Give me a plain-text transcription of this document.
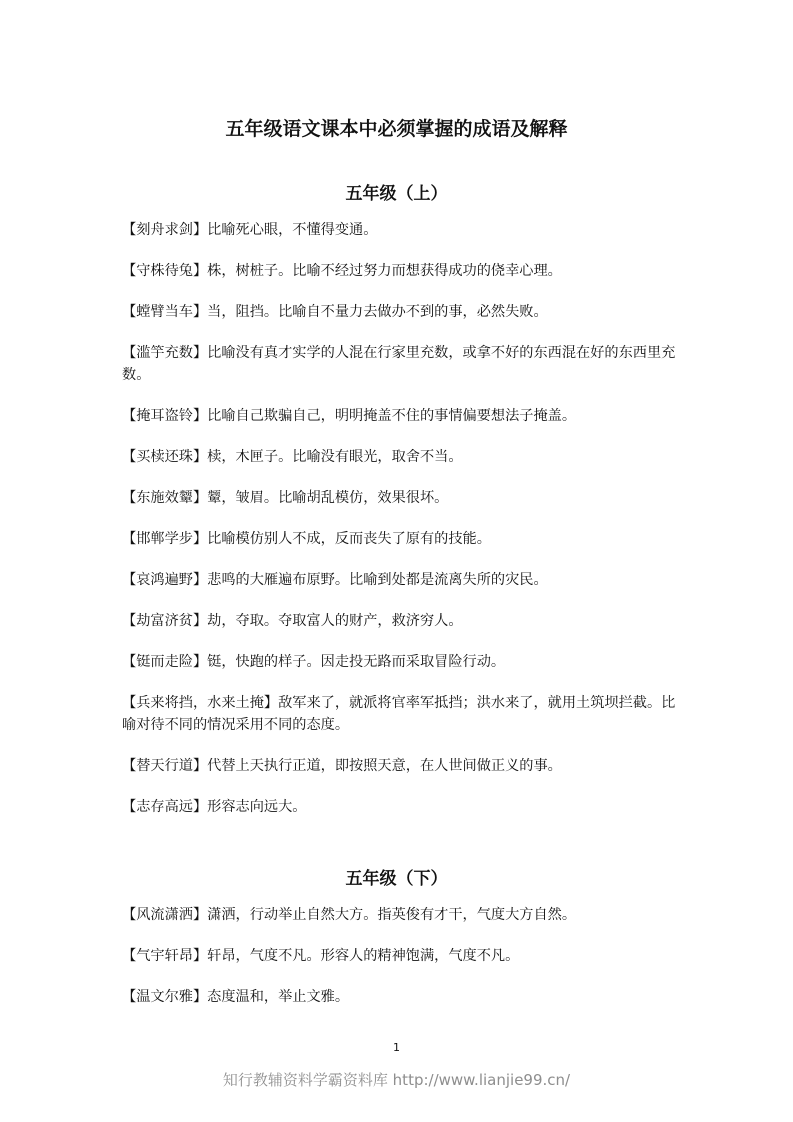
五年级语文课本中必须掌握的成语及解释
五年级（上）
【刻舟求剑】比喻死心眼，不懂得变通。
【守株待兔】株，树桩子。比喻不经过努力而想获得成功的侥幸心理。
【螳臂当车】当，阻挡。比喻自不量力去做办不到的事，必然失败。
【滥竽充数】比喻没有真才实学的人混在行家里充数，或拿不好的东西混在好的东西里充数。
【掩耳盗铃】比喻自己欺骗自己，明明掩盖不住的事情偏要想法子掩盖。
【买椟还珠】椟，木匣子。比喻没有眼光，取舍不当。
【东施效颦】颦，皱眉。比喻胡乱模仿，效果很坏。
【邯郸学步】比喻模仿别人不成，反而丧失了原有的技能。
【哀鸿遍野】悲鸣的大雁遍布原野。比喻到处都是流离失所的灾民。
【劫富济贫】劫，夺取。夺取富人的财产，救济穷人。
【铤而走险】铤，快跑的样子。因走投无路而采取冒险行动。
【兵来将挡，水来土掩】敌军来了，就派将官率军抵挡；洪水来了，就用土筑坝拦截。比喻对待不同的情况采用不同的态度。
【替天行道】代替上天执行正道，即按照天意，在人世间做正义的事。
【志存高远】形容志向远大。
五年级（下）
【风流潇洒】潇洒，行动举止自然大方。指英俊有才干，气度大方自然。
【气宇轩昂】轩昂，气度不凡。形容人的精神饱满，气度不凡。
【温文尔雅】态度温和，举止文雅。
1
知行教辅资料学霸资料库 http://www.lianjie99.cn/
